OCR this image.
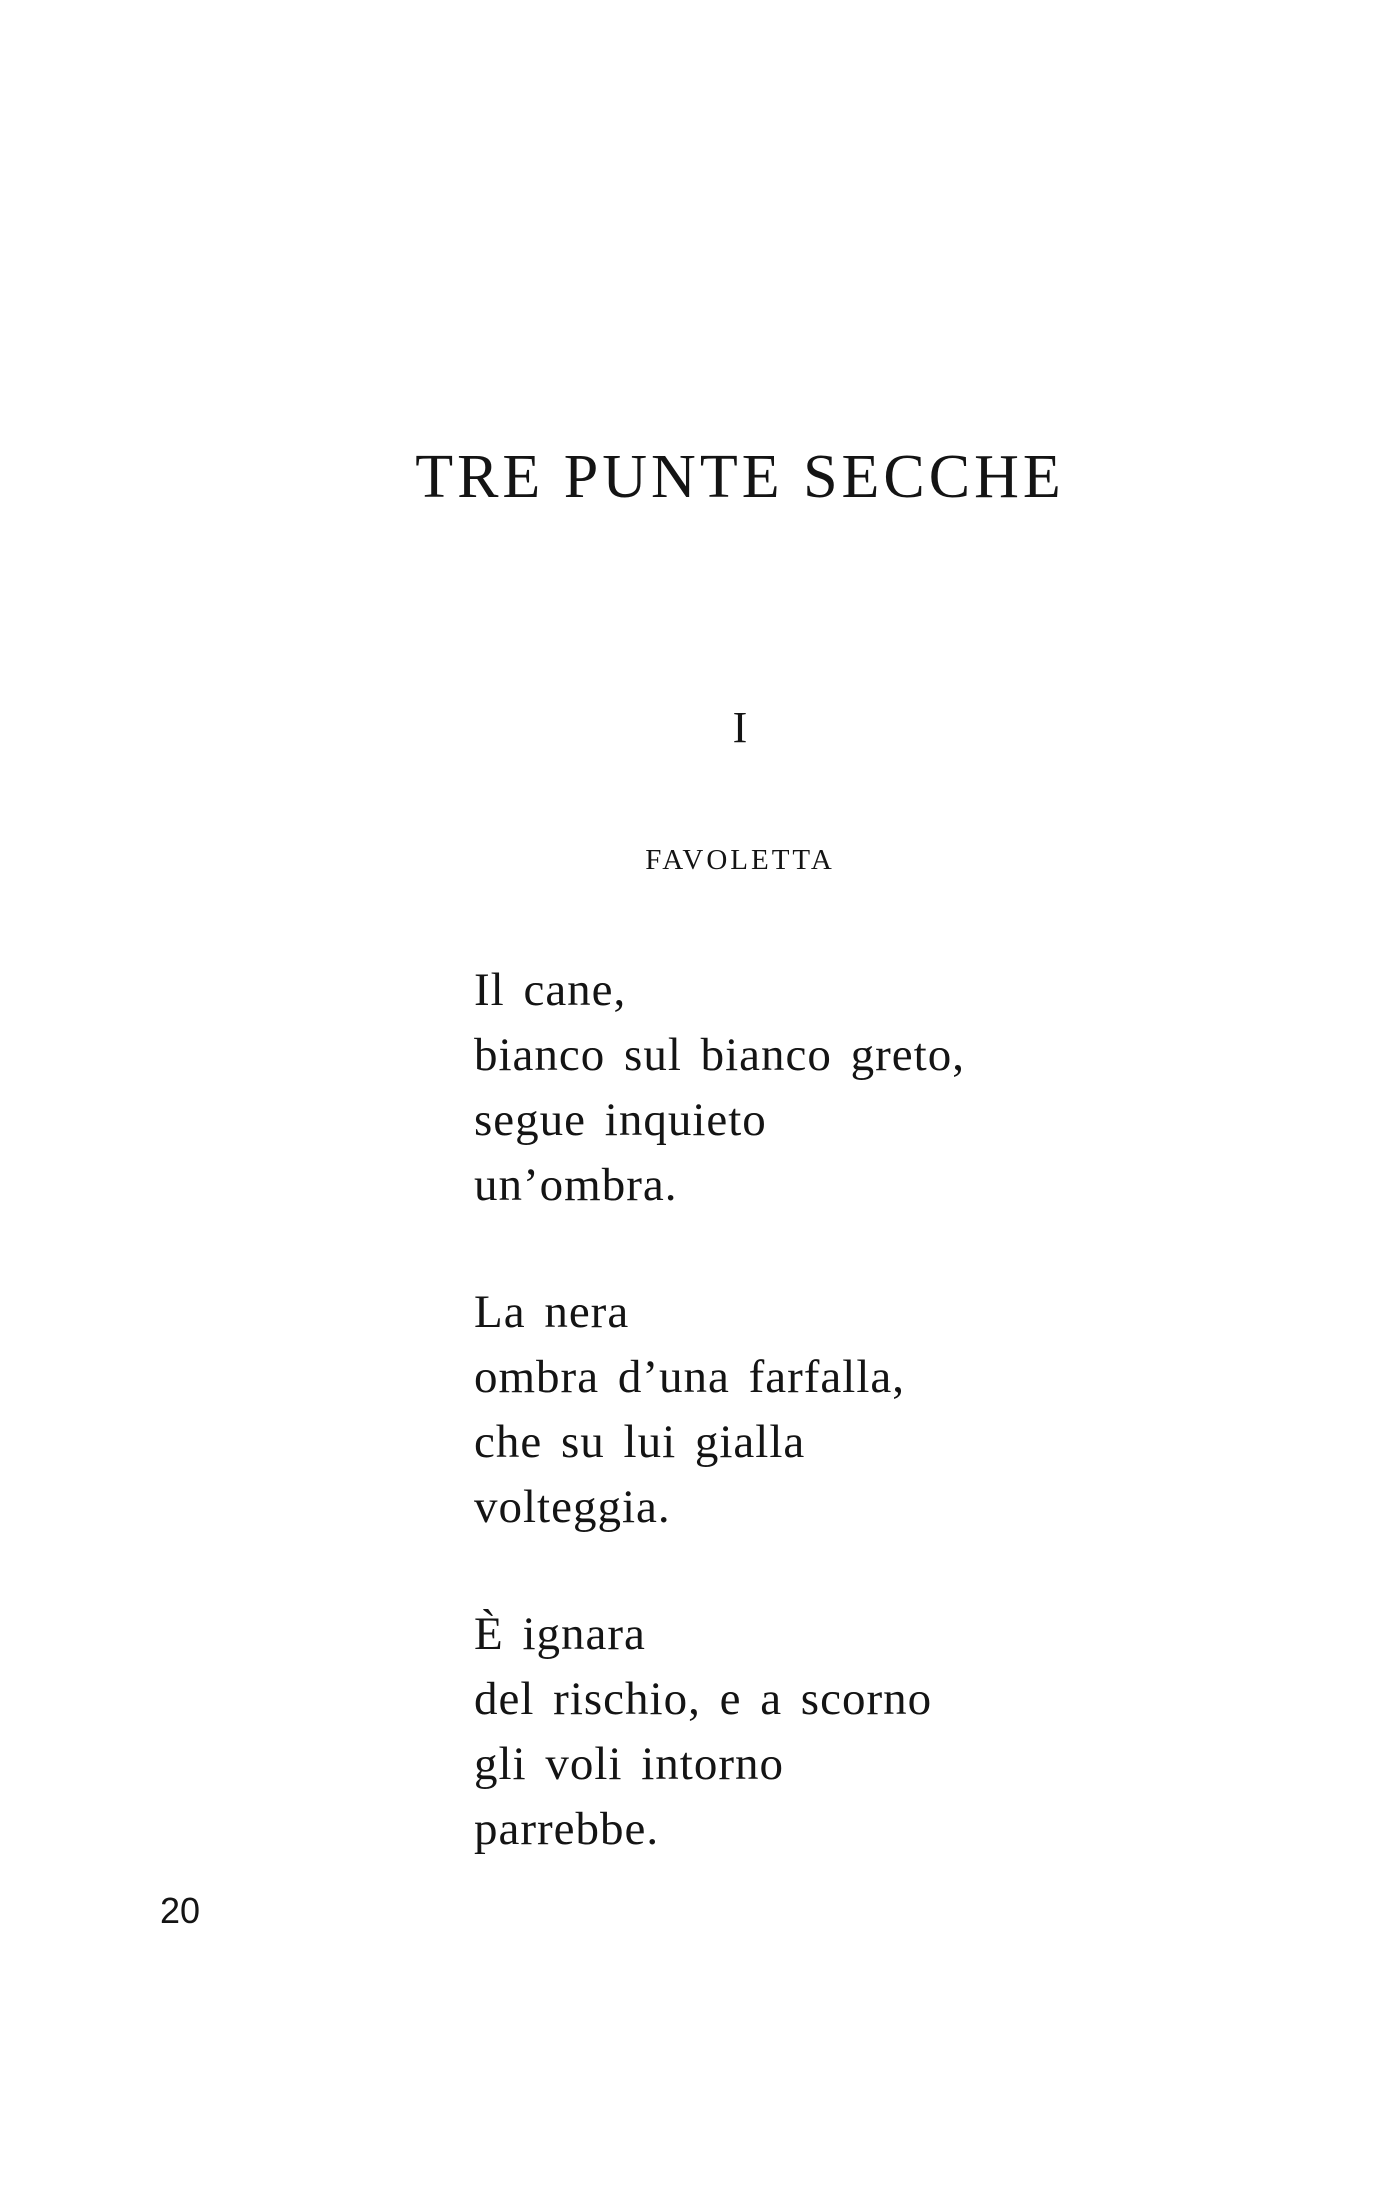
TRE PUNTE SECCHE
I
FAVOLETTA
Il cane,
bianco sul bianco greto,
segue inquieto
un’ombra.
La nera
ombra d’una farfalla,
che su lui gialla
volteggia.
È ignara
del rischio, e a scorno
gli voli intorno
parrebbe.
20
